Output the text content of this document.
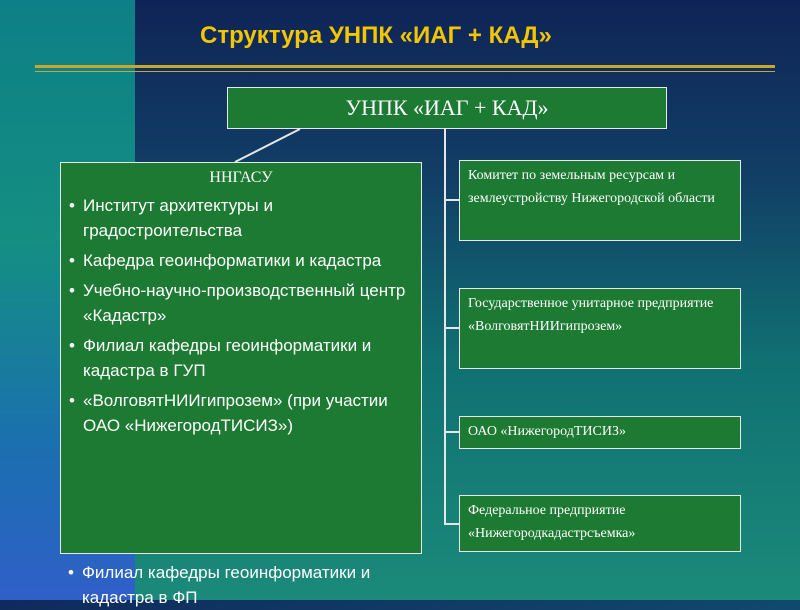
Структура УНПК «ИАГ + КАД»
УНПК «ИАГ + КАД»
ННГАСУ
• Институт архитектуры и градостроительства
• Кафедра геоинформатики и кадастра
• Учебно-научно-производственный центр «Кадастр»
• Филиал кафедры геоинформатики и кадастра в ГУП
• «ВолговятНИИгипрозем» (при участии ОАО «НижегородТИСИЗ»)
• Филиал кафедры геоинформатики и кадастра в ФП
Комитет по земельным ресурсам и землеустройству Нижегородской области
Государственное унитарное предприятие «ВолговятНИИгипрозем»
ОАО «НижегородТИСИЗ»
Федеральное предприятие «Нижегородкадастрсъемка»
